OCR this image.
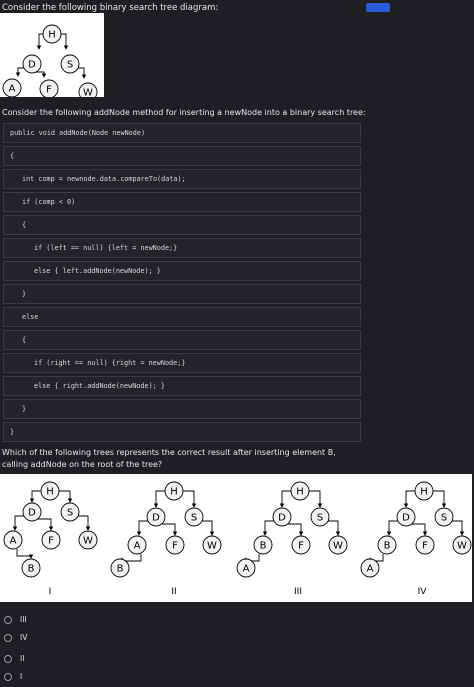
Consider the following binary search tree diagram:
H
D	S
A	F	W
Consider the following addNode method for inserting a newNode into a binary search tree:
public void addNode(Node newNode)
{
int comp = newnode.data.compareTo(data);
if (comp < 0)
{
if (left == null) {left = newNode;}
else { left.addNode(newNode); }
}
else
{
if (right == null) {right = newNode;}
else { right.addNode(newNode); }
}
}
Which of the following trees represents the correct result after inserting element B, calling addNode on the root of the tree?
H
D	S
A	F	W
B
I
H
D	S
A	F	W
B
II
H
D	S
B	F	W
A
III
H
D	S
B	F	W
A
IV
III
IV
II
I
